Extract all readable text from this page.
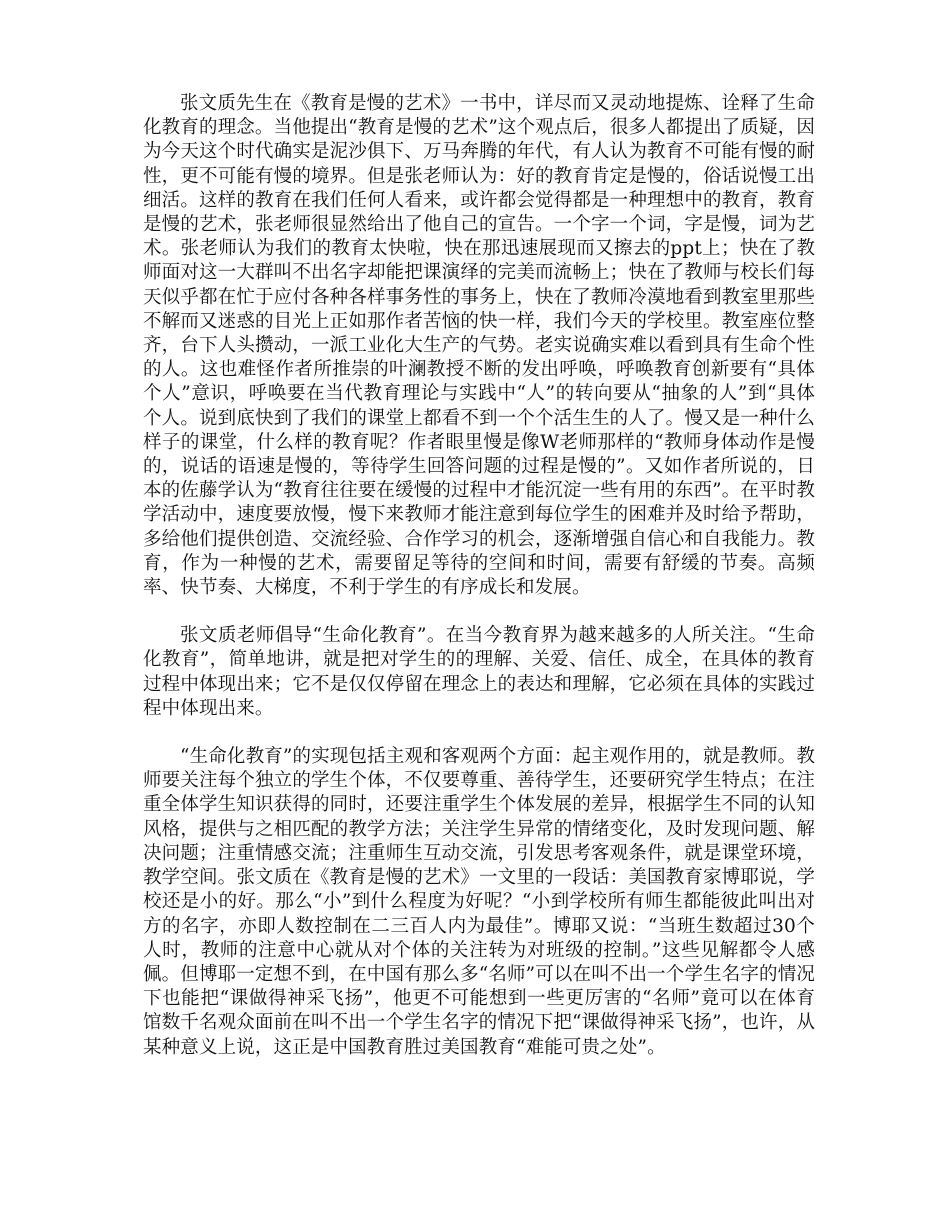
张文质先生在《教育是慢的艺术》一书中，详尽而又灵动地提炼、诠释了生命化教育的理念。当他提出“教育是慢的艺术”这个观点后，很多人都提出了质疑，因为今天这个时代确实是泥沙俱下、万马奔腾的年代，有人认为教育不可能有慢的耐性，更不可能有慢的境界。但是张老师认为：好的教育肯定是慢的，俗话说慢工出细活。这样的教育在我们任何人看来，或许都会觉得都是一种理想中的教育，教育是慢的艺术，张老师很显然给出了他自己的宣告。一个字一个词，字是慢，词为艺术。张老师认为我们的教育太快啦，快在那迅速展现而又擦去的ppt上；快在了教师面对这一大群叫不出名字却能把课演绎的完美而流畅上；快在了教师与校长们每天似乎都在忙于应付各种各样事务性的事务上，快在了教师冷漠地看到教室里那些不解而又迷惑的目光上正如那作者苦恼的快一样，我们今天的学校里。教室座位整齐，台下人头攒动，一派工业化大生产的气势。老实说确实难以看到具有生命个性的人。这也难怪作者所推崇的叶澜教授不断的发出呼唤，呼唤教育创新要有“具体个人”意识，呼唤要在当代教育理论与实践中“人”的转向要从“抽象的人”到“具体个人。说到底快到了我们的课堂上都看不到一个个活生生的人了。慢又是一种什么样子的课堂，什么样的教育呢？作者眼里慢是像W老师那样的“教师身体动作是慢的，说话的语速是慢的，等待学生回答问题的过程是慢的”。又如作者所说的，日本的佐藤学认为“教育往往要在缓慢的过程中才能沉淀一些有用的东西”。在平时教学活动中，速度要放慢，慢下来教师才能注意到每位学生的困难并及时给予帮助，多给他们提供创造、交流经验、合作学习的机会，逐渐增强自信心和自我能力。教育，作为一种慢的艺术，需要留足等待的空间和时间，需要有舒缓的节奏。高频率、快节奏、大梯度，不利于学生的有序成长和发展。

张文质老师倡导“生命化教育”。在当今教育界为越来越多的人所关注。“生命化教育”，简单地讲，就是把对学生的的理解、关爱、信任、成全，在具体的教育过程中体现出来；它不是仅仅停留在理念上的表达和理解，它必须在具体的实践过程中体现出来。

“生命化教育”的实现包括主观和客观两个方面：起主观作用的，就是教师。教师要关注每个独立的学生个体，不仅要尊重、善待学生，还要研究学生特点；在注重全体学生知识获得的同时，还要注重学生个体发展的差异，根据学生不同的认知风格，提供与之相匹配的教学方法；关注学生异常的情绪变化，及时发现问题、解决问题；注重情感交流；注重师生互动交流，引发思考客观条件，就是课堂环境，教学空间。张文质在《教育是慢的艺术》一文里的一段话：美国教育家博耶说，学校还是小的好。那么“小”到什么程度为好呢？“小到学校所有师生都能彼此叫出对方的名字，亦即人数控制在二三百人内为最佳”。博耶又说：“当班生数超过30个人时，教师的注意中心就从对个体的关注转为对班级的控制。”这些见解都令人感佩。但博耶一定想不到，在中国有那么多“名师”可以在叫不出一个学生名字的情况下也能把“课做得神采飞扬”，他更不可能想到一些更厉害的“名师”竟可以在体育馆数千名观众面前在叫不出一个学生名字的情况下把“课做得神采飞扬”，也许，从某种意义上说，这正是中国教育胜过美国教育“难能可贵之处”。
